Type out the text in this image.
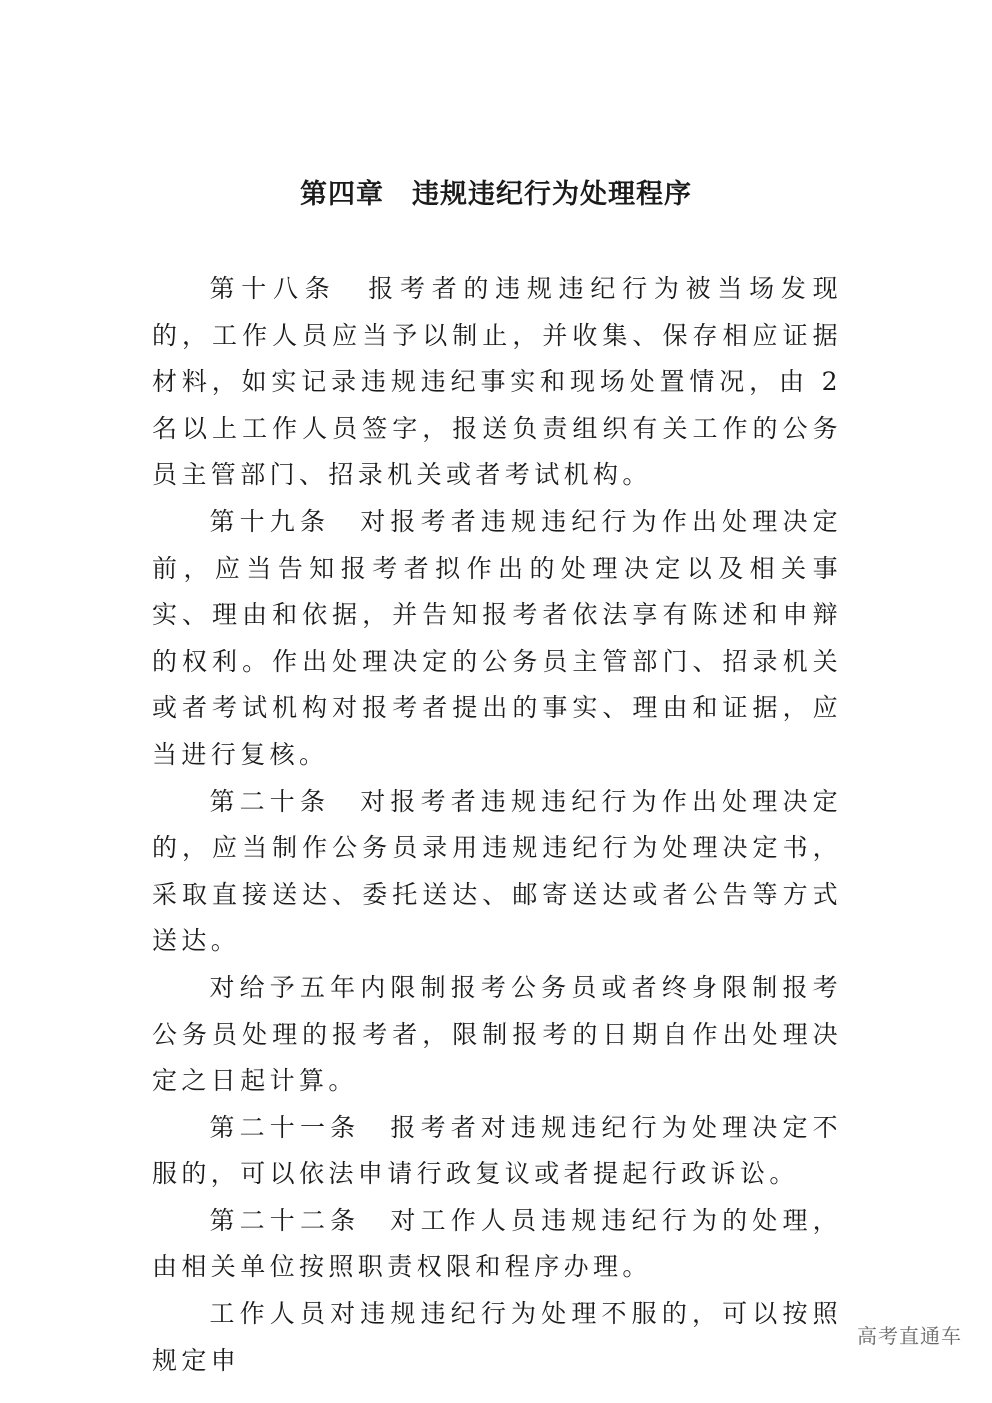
第四章　违规违纪行为处理程序

第十八条　报考者的违规违纪行为被当场发现的，工作人员应当予以制止，并收集、保存相应证据材料，如实记录违规违纪事实和现场处置情况，由 2 名以上工作人员签字，报送负责组织有关工作的公务员主管部门、招录机关或者考试机构。

第十九条　对报考者违规违纪行为作出处理决定前，应当告知报考者拟作出的处理决定以及相关事实、理由和依据，并告知报考者依法享有陈述和申辩的权利。作出处理决定的公务员主管部门、招录机关或者考试机构对报考者提出的事实、理由和证据，应当进行复核。

第二十条　对报考者违规违纪行为作出处理决定的，应当制作公务员录用违规违纪行为处理决定书，采取直接送达、委托送达、邮寄送达或者公告等方式送达。

对给予五年内限制报考公务员或者终身限制报考公务员处理的报考者，限制报考的日期自作出处理决定之日起计算。

第二十一条　报考者对违规违纪行为处理决定不服的，可以依法申请行政复议或者提起行政诉讼。

第二十二条　对工作人员违规违纪行为的处理，由相关单位按照职责权限和程序办理。

工作人员对违规违纪行为处理不服的，可以按照规定申

高考直通车
